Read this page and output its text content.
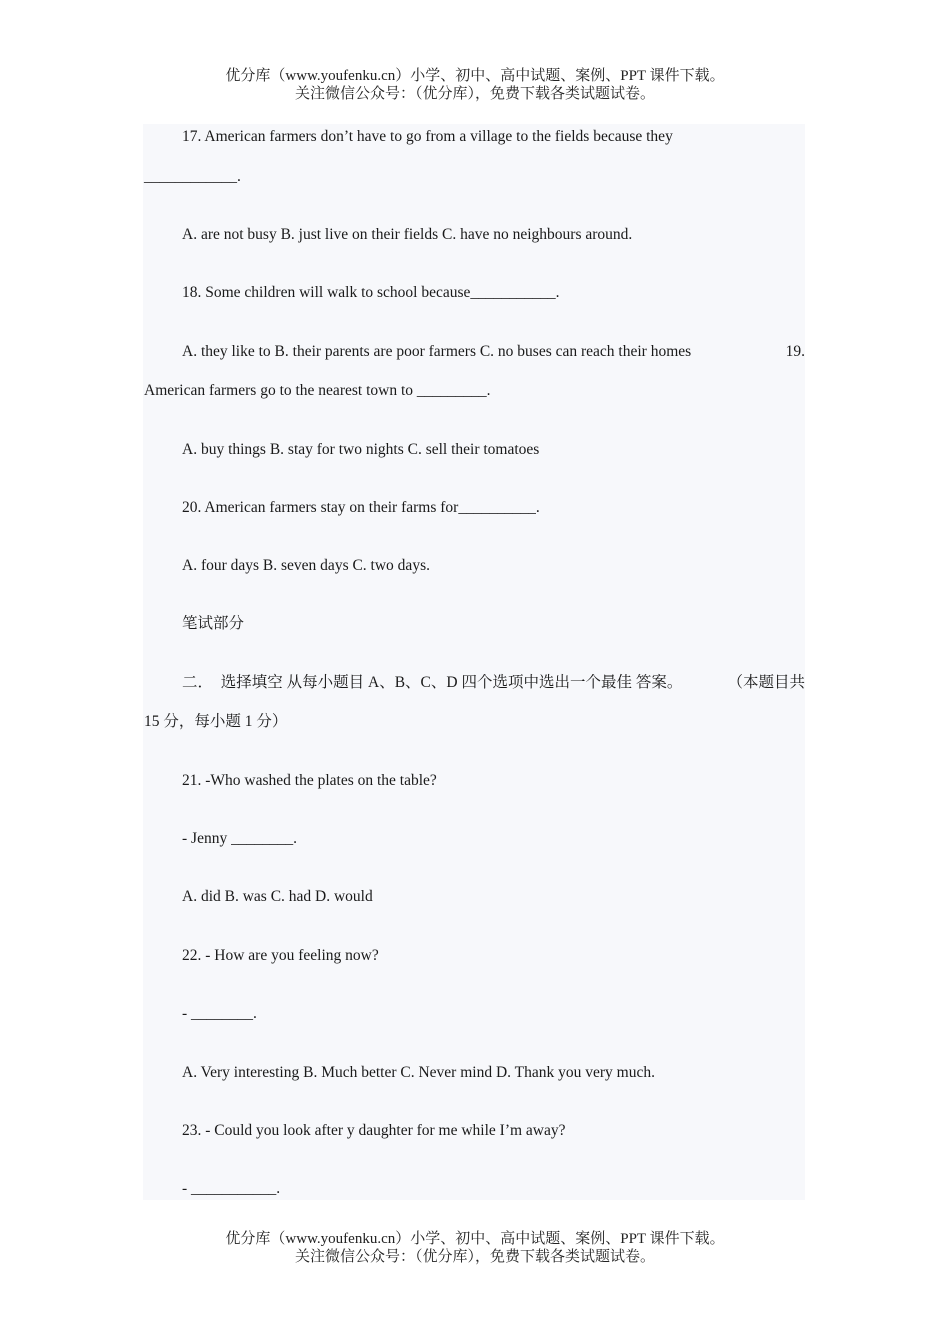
优分库（www.youfenku.cn）小学、初中、高中试题、案例、PPT 课件下载。
关注微信公众号：（优分库），免费下载各类试题试卷。
17. American farmers don’t have to go from a village to the fields because they
____________.
A. are not busy B. just live on their fields C. have no neighbours around.
18. Some children will walk to school because___________.
A. they like to B. their parents are poor farmers C. no buses can reach their homes	19.
American farmers go to the nearest town to _________.
A. buy things B. stay for two nights C. sell their tomatoes
20. American farmers stay on their farms for__________.
A. four days B. seven days C. two days.
笔试部分
二．  选择填空 从每小题目 A、B、C、D 四个选项中选出一个最佳 答案。	（本题目共
15 分，每小题 1 分）
21. -Who washed the plates on the table?
- Jenny ________.
A. did B. was C. had D. would
22. - How are you feeling now?
- ________.
A. Very interesting B. Much better C. Never mind D. Thank you very much.
23. - Could you look after y daughter for me while I’m away?
- ___________.
优分库（www.youfenku.cn）小学、初中、高中试题、案例、PPT 课件下载。
关注微信公众号：（优分库），免费下载各类试题试卷。
